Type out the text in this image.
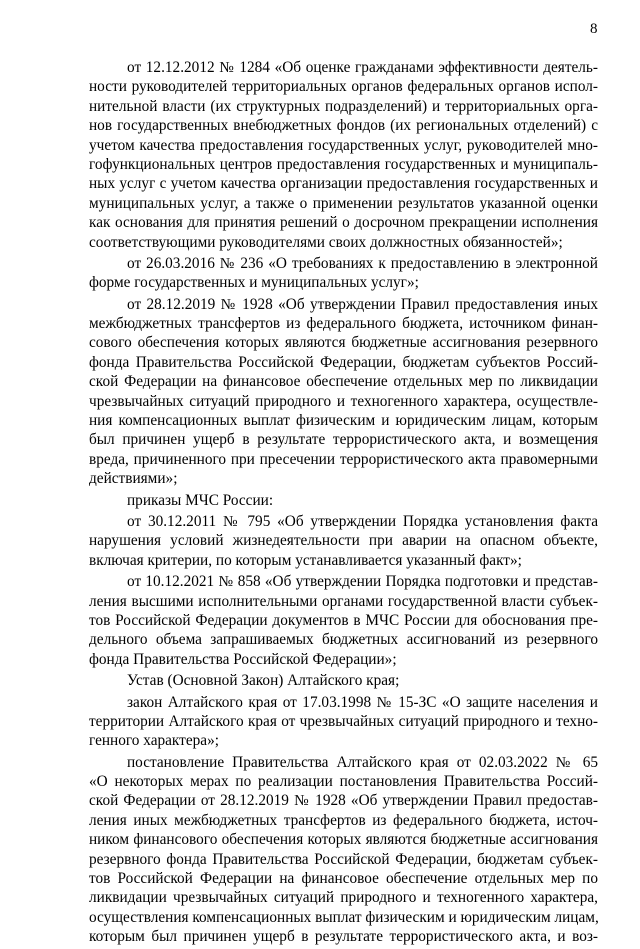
8
от 12.12.2012 № 1284 «Об оценке гражданами эффективности деятель-
ности руководителей территориальных органов федеральных органов испол-
нительной власти (их структурных подразделений) и территориальных орга-
нов государственных внебюджетных фондов (их региональных отделений) с
учетом качества предоставления государственных услуг, руководителей мно-
гофункциональных центров предоставления государственных и муниципаль-
ных услуг с учетом качества организации предоставления государственных и
муниципальных услуг, а также о применении результатов указанной оценки
как основания для принятия решений о досрочном прекращении исполнения
соответствующими руководителями своих должностных обязанностей»;
от 26.03.2016 № 236 «О требованиях к предоставлению в электронной
форме государственных и муниципальных услуг»;
от 28.12.2019 № 1928 «Об утверждении Правил предоставления иных
межбюджетных трансфертов из федерального бюджета, источником финан-
сового обеспечения которых являются бюджетные ассигнования резервного
фонда Правительства Российской Федерации, бюджетам субъектов Россий-
ской Федерации на финансовое обеспечение отдельных мер по ликвидации
чрезвычайных ситуаций природного и техногенного характера, осуществле-
ния компенсационных выплат физическим и юридическим лицам, которым
был причинен ущерб в результате террористического акта, и возмещения
вреда, причиненного при пресечении террористического акта правомерными
действиями»;
приказы МЧС России:
от 30.12.2011 № 795 «Об утверждении Порядка установления факта
нарушения условий жизнедеятельности при аварии на опасном объекте,
включая критерии, по которым устанавливается указанный факт»;
от 10.12.2021 № 858 «Об утверждении Порядка подготовки и представ-
ления высшими исполнительными органами государственной власти субъек-
тов Российской Федерации документов в МЧС России для обоснования пре-
дельного объема запрашиваемых бюджетных ассигнований из резервного
фонда Правительства Российской Федерации»;
Устав (Основной Закон) Алтайского края;
закон Алтайского края от 17.03.1998 № 15-ЗС «О защите населения и
территории Алтайского края от чрезвычайных ситуаций природного и техно-
генного характера»;
постановление Правительства Алтайского края от 02.03.2022 № 65
«О некоторых мерах по реализации постановления Правительства Россий-
ской Федерации от 28.12.2019 № 1928 «Об утверждении Правил предостав-
ления иных межбюджетных трансфертов из федерального бюджета, источ-
ником финансового обеспечения которых являются бюджетные ассигнования
резервного фонда Правительства Российской Федерации, бюджетам субъек-
тов Российской Федерации на финансовое обеспечение отдельных мер по
ликвидации чрезвычайных ситуаций природного и техногенного характера,
осуществления компенсационных выплат физическим и юридическим лицам,
которым был причинен ущерб в результате террористического акта, и воз-
